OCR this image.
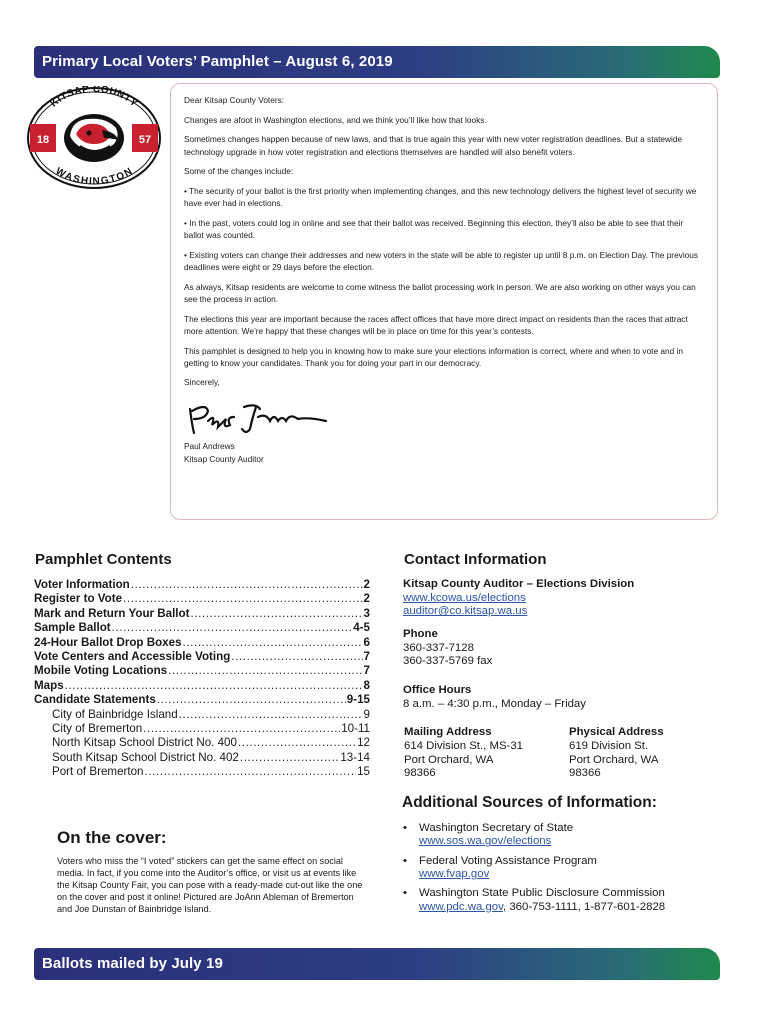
Primary Local Voters’ Pamphlet – August 6, 2019
18	57
KITSAP COUNTY
WASHINGTON

Dear Kitsap County Voters:

Changes are afoot in Washington elections, and we think you’ll like how that looks.

Sometimes changes happen because of new laws, and that is true again this year with new voter registration deadlines. But a statewide technology upgrade in how voter registration and elections themselves are handled will also benefit voters.

Some of the changes include:

• The security of your ballot is the first priority when implementing changes, and this new technology delivers the highest level of security we have ever had in elections.

• In the past, voters could log in online and see that their ballot was received. Beginning this election, they’ll also be able to see that their ballot was counted.

• Existing voters can change their addresses and new voters in the state will be able to register up until 8 p.m. on Election Day. The previous deadlines were eight or 29 days before the election.

As always, Kitsap residents are welcome to come witness the ballot processing work in person. We are also working on other ways you can see the process in action.

The elections this year are important because the races affect offices that have more direct impact on residents than the races that attract more attention. We’re happy that these changes will be in place on time for this year’s contests.

This pamphlet is designed to help you in knowing how to make sure your elections information is correct, where and when to vote and in getting to know your candidates. Thank you for doing your part in our democracy.

Sincerely,

Paul Andrews
Kitsap County Auditor
Pamphlet Contents
Voter Information .....	2
Register to Vote .....	2
Mark and Return Your Ballot .....	3
Sample Ballot .....	4-5
24-Hour Ballot Drop Boxes .....	6
Vote Centers and Accessible Voting .....	7
Mobile Voting Locations .....	7
Maps .....	8
Candidate Statements .....	9-15
City of Bainbridge Island .....	9
City of Bremerton .....	10-11
North Kitsap School District No. 400 .....	12
South Kitsap School District No. 402 .....	13-14
Port of Bremerton .....	15
Contact Information
Kitsap County Auditor – Elections Division
www.kcowa.us/elections
auditor@co.kitsap.wa.us
Phone
360-337-7128
360-337-5769 fax
Office Hours
8 a.m. – 4:30 p.m., Monday – Friday
Mailing Address
614 Division St., MS-31
Port Orchard, WA
98366
Physical Address
619 Division St.
Port Orchard, WA
98366
Additional Sources of Information:
• Washington Secretary of State
www.sos.wa.gov/elections
• Federal Voting Assistance Program
www.fvap.gov
• Washington State Public Disclosure Commission
www.pdc.wa.gov, 360-753-1111, 1-877-601-2828
On the cover:
Voters who miss the “I voted” stickers can get the same effect on social media. In fact, if you come into the Auditor’s office, or visit us at events like the Kitsap County Fair, you can pose with a ready-made cut-out like the one on the cover and post it online! Pictured are JoAnn Ableman of Bremerton and Joe Dunstan of Bainbridge Island.
Ballots mailed by July 19
